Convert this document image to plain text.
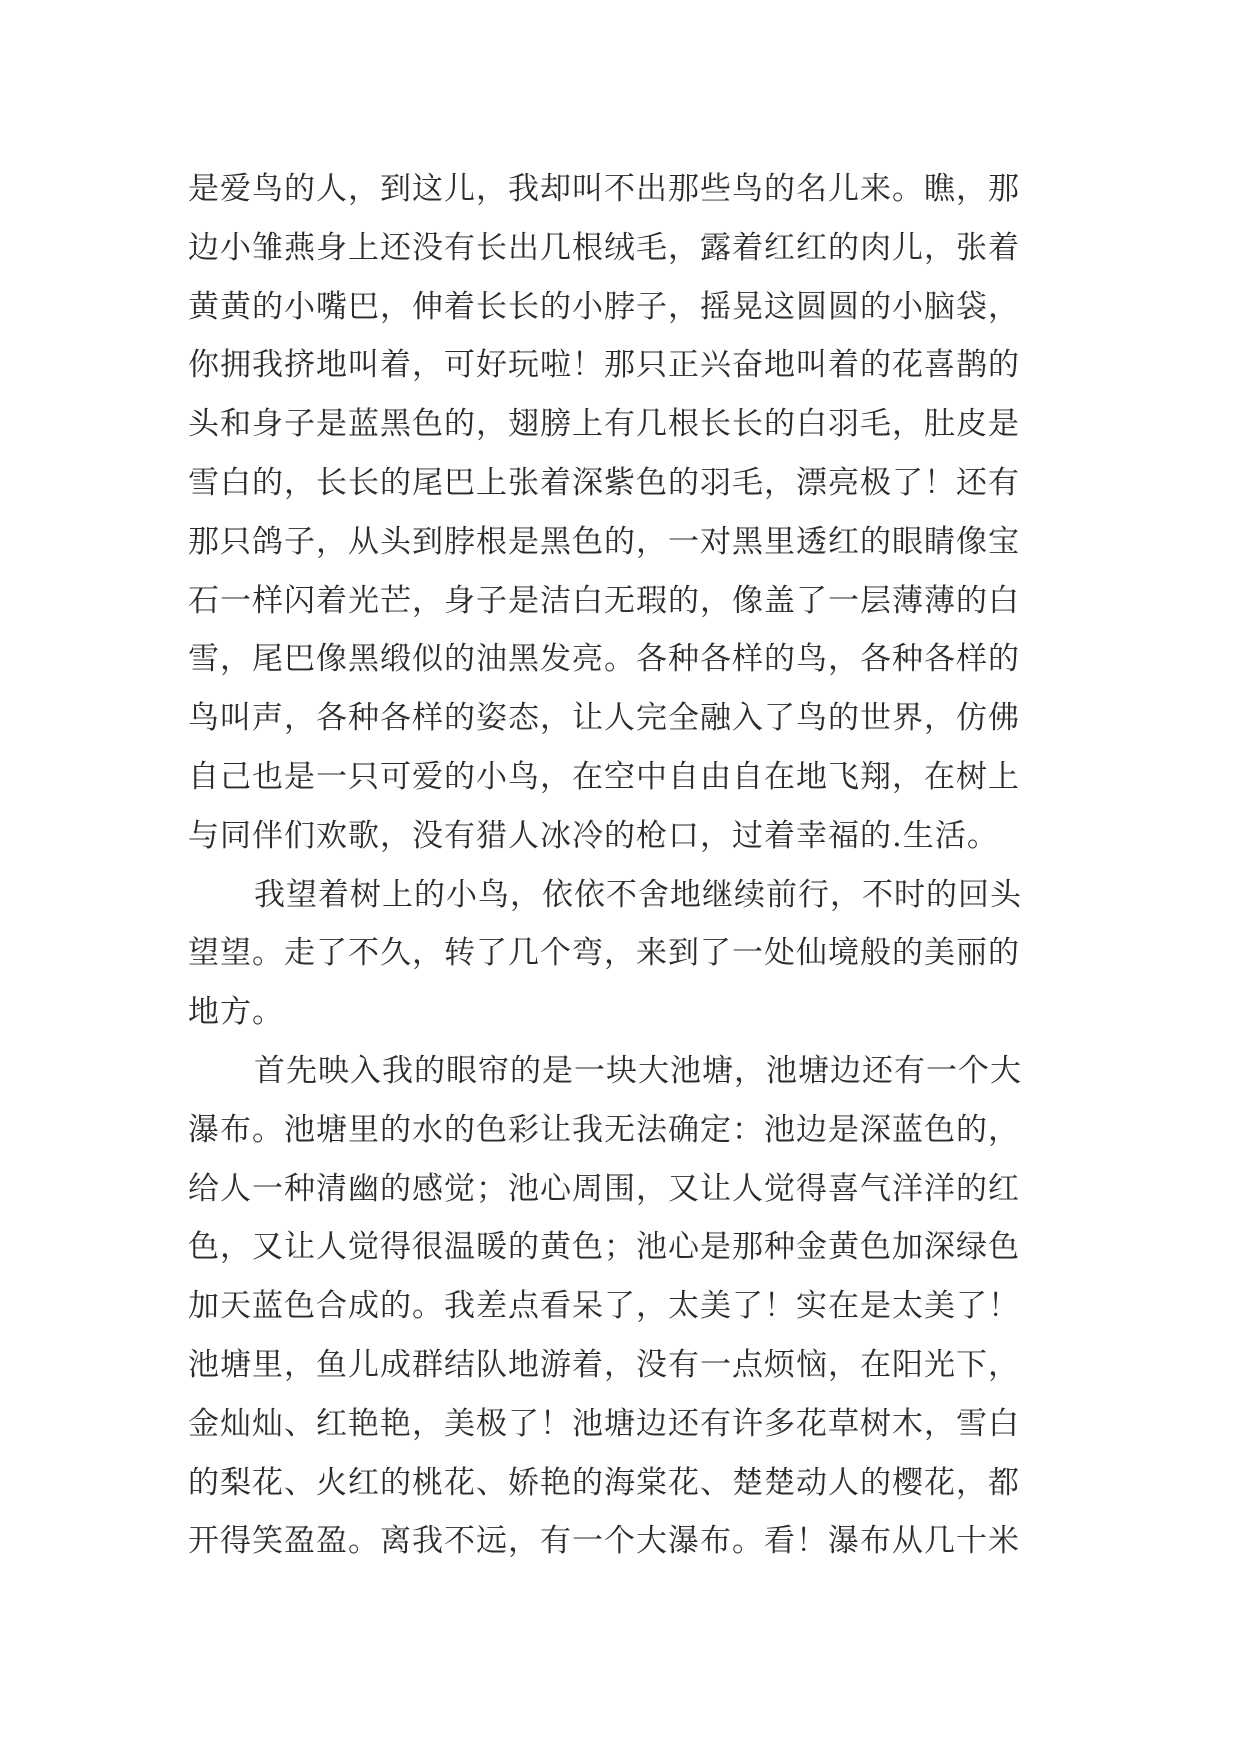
是爱鸟的人，到这儿，我却叫不出那些鸟的名儿来。瞧，那
边小雏燕身上还没有长出几根绒毛，露着红红的肉儿，张着
黄黄的小嘴巴，伸着长长的小脖子，摇晃这圆圆的小脑袋，
你拥我挤地叫着，可好玩啦！那只正兴奋地叫着的花喜鹊的
头和身子是蓝黑色的，翅膀上有几根长长的白羽毛，肚皮是
雪白的，长长的尾巴上张着深紫色的羽毛，漂亮极了！还有
那只鸽子，从头到脖根是黑色的，一对黑里透红的眼睛像宝
石一样闪着光芒，身子是洁白无瑕的，像盖了一层薄薄的白
雪，尾巴像黑缎似的油黑发亮。各种各样的鸟，各种各样的
鸟叫声，各种各样的姿态，让人完全融入了鸟的世界，仿佛
自己也是一只可爱的小鸟，在空中自由自在地飞翔，在树上
与同伴们欢歌，没有猎人冰冷的枪口，过着幸福的.生活。
我望着树上的小鸟，依依不舍地继续前行，不时的回头
望望。走了不久，转了几个弯，来到了一处仙境般的美丽的
地方。
首先映入我的眼帘的是一块大池塘，池塘边还有一个大
瀑布。池塘里的水的色彩让我无法确定：池边是深蓝色的，
给人一种清幽的感觉；池心周围，又让人觉得喜气洋洋的红
色，又让人觉得很温暖的黄色；池心是那种金黄色加深绿色
加天蓝色合成的。我差点看呆了，太美了！实在是太美了！
池塘里，鱼儿成群结队地游着，没有一点烦恼，在阳光下，
金灿灿、红艳艳，美极了！池塘边还有许多花草树木，雪白
的梨花、火红的桃花、娇艳的海棠花、楚楚动人的樱花，都
开得笑盈盈。离我不远，有一个大瀑布。看！瀑布从几十米
